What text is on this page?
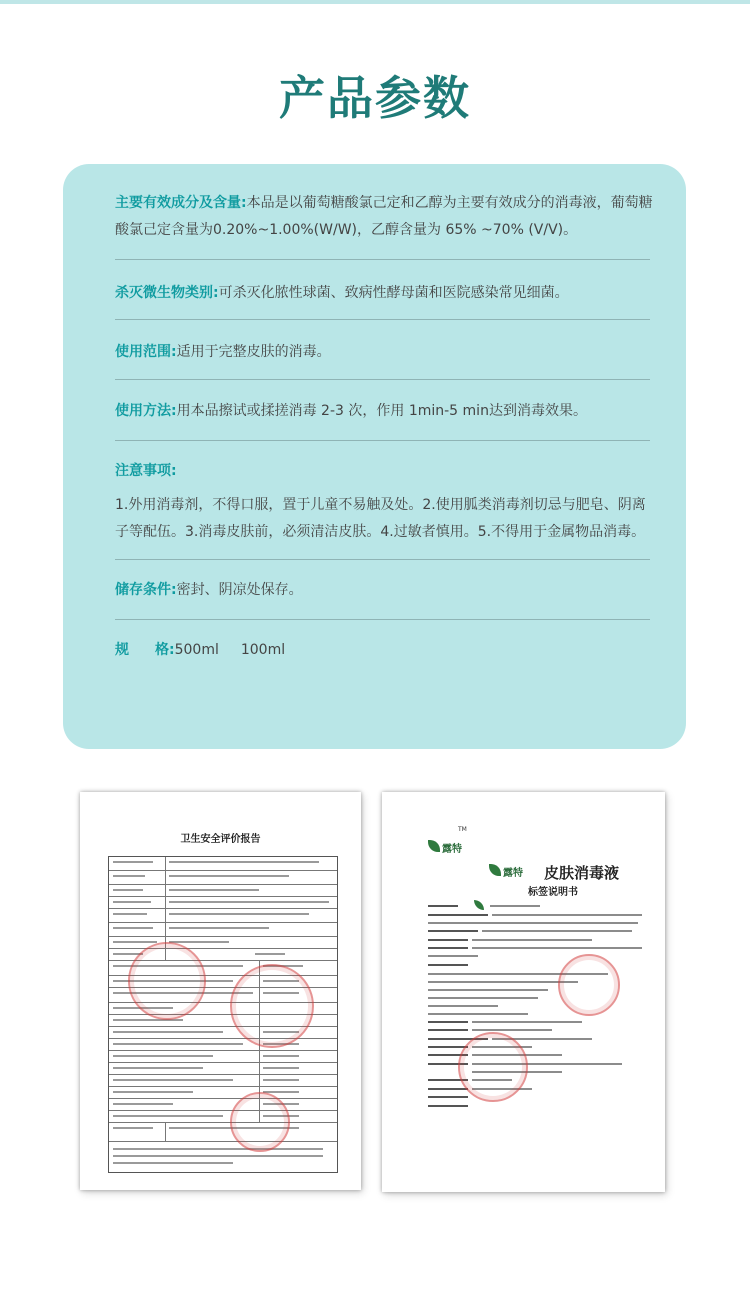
产品参数
主要有效成分及含量:本品是以葡萄糖酸氯己定和乙醇为主要有效成分的消毒液，葡萄糖酸氯己定含量为0.20%~1.00%(W/W)，乙醇含量为 65% ~70% (V/V)。
杀灭微生物类别:可杀灭化脓性球菌、致病性酵母菌和医院感染常见细菌。
使用范围:适用于完整皮肤的消毒。
使用方法:用本品擦试或揉搓消毒 2-3 次，作用 1min-5 min达到消毒效果。
注意事项:
1.外用消毒剂，不得口服，置于儿童不易触及处。2.使用胍类消毒剂切忌与肥皂、阴离子等配伍。3.消毒皮肤前，必须清洁皮肤。4.过敏者慎用。5.不得用于金属物品消毒。
储存条件:密封、阴凉处保存。
规 格:500ml 100ml
卫生安全评价报告
露特
TM
露特 皮肤消毒液
标签说明书
